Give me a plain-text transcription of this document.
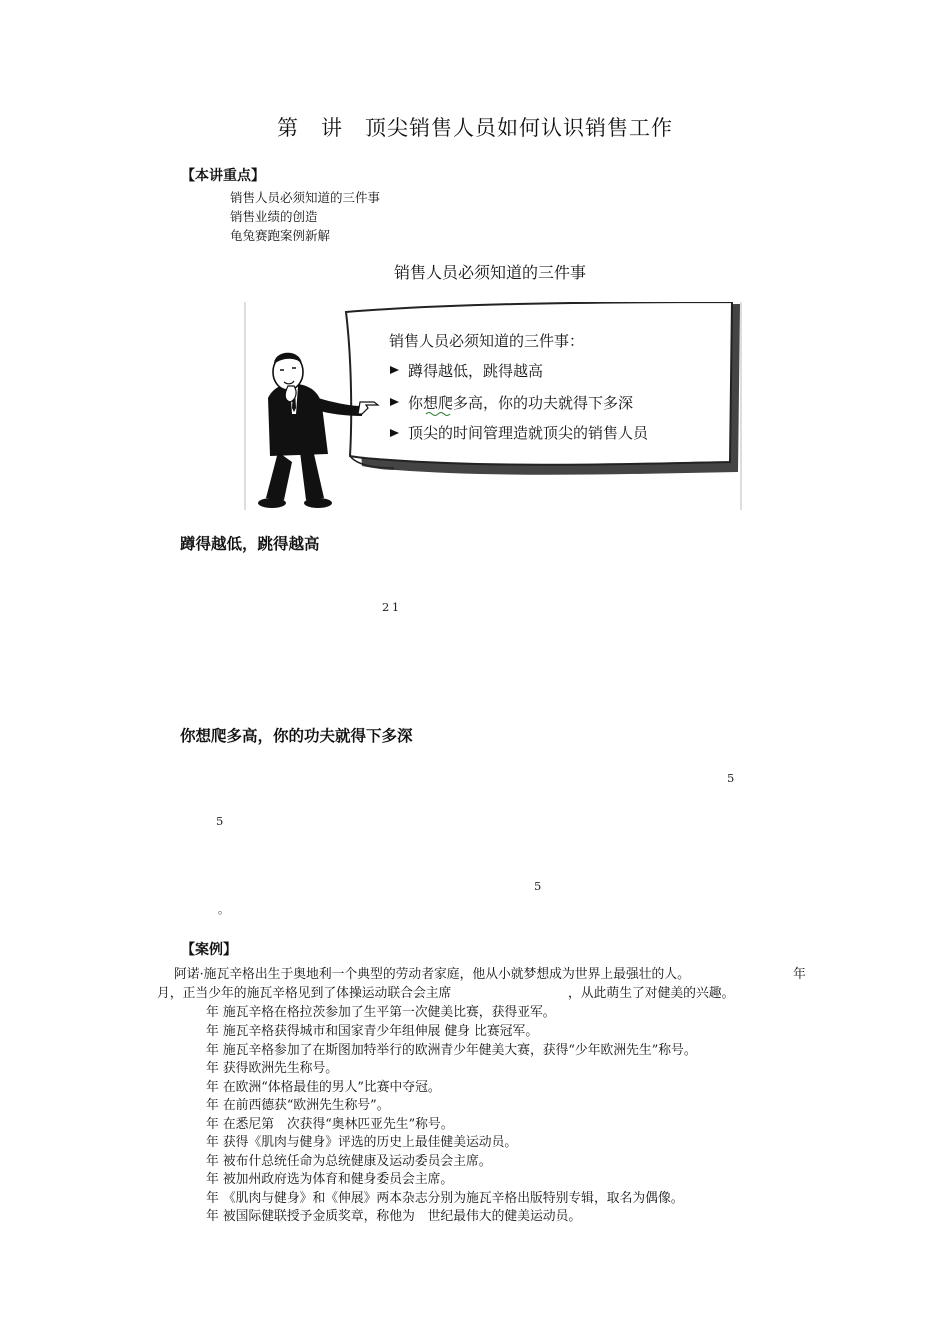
第　讲　顶尖销售人员如何认识销售工作
【本讲重点】
销售人员必须知道的三件事
销售业绩的创造
龟兔赛跑案例新解
销售人员必须知道的三件事
销售人员必须知道的三件事：
蹲得越低，跳得越高
你想爬多高，你的功夫就得下多深
顶尖的时间管理造就顶尖的销售人员
蹲得越低，跳得越高
21
你想爬多高，你的功夫就得下多深
5
5
5
。
【案例】
阿诺·施瓦辛格出生于奥地利一个典型的劳动者家庭，他从小就梦想成为世界上最强壮的人。	年
月，正当少年的施瓦辛格见到了体操运动联合会主席	，从此萌生了对健美的兴趣。
年 施瓦辛格在格拉茨参加了生平第一次健美比赛，获得亚军。
年 施瓦辛格获得城市和国家青少年组伸展 健身 比赛冠军。
年 施瓦辛格参加了在斯图加特举行的欧洲青少年健美大赛，获得“少年欧洲先生”称号。
年 获得欧洲先生称号。
年 在欧洲“体格最佳的男人”比赛中夺冠。
年 在前西德获“欧洲先生称号”。
年 在悉尼第　次获得“奥林匹亚先生”称号。
年 获得《肌肉与健身》评选的历史上最佳健美运动员。
年 被布什总统任命为总统健康及运动委员会主席。
年 被加州政府选为体育和健身委员会主席。
年 《肌肉与健身》和《伸展》两本杂志分别为施瓦辛格出版特别专辑，取名为偶像。
年 被国际健联授予金质奖章，称他为　世纪最伟大的健美运动员。
